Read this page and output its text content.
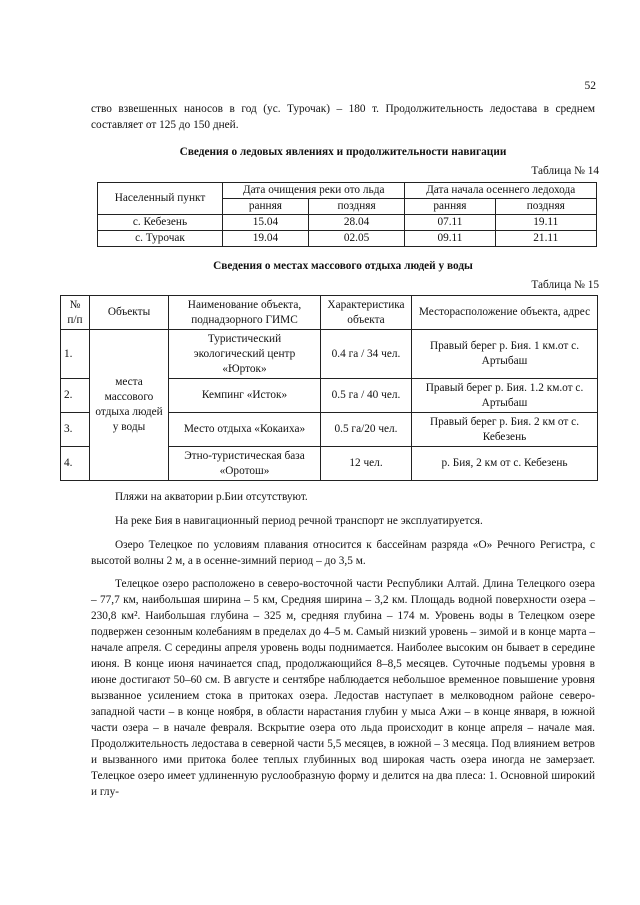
52

ство взвешенных наносов в год (ус. Турочак) – 180 т. Продолжительность ледостава в среднем составляет от 125 до 150 дней.

Сведения о ледовых явлениях и продолжительности навигации
Таблица № 14
Населенный пункт	Дата очищения реки ото льда		Дата начала осеннего ледохода	
	ранняя	поздняя	ранняя	поздняя
с. Кебезень	15.04	28.04	07.11	19.11
с. Турочак	19.04	02.05	09.11	21.11
Сведения о местах массового отдыха людей у воды
Таблица № 15
№ п/п	Объекты	Наименование объекта, поднадзорного ГИМС	Характеристика объекта	Месторасположение объекта, адрес
1.	места массового отдыха людей у воды	Туристический экологический центр «Юрток»	0.4 га / 34 чел.	Правый берег р. Бия. 1 км.от с. Артыбаш
2.		Кемпинг «Исток»	0.5 га / 40 чел.	Правый берег р. Бия. 1.2 км.от с. Артыбаш
3.		Место отдыха «Кокаиха»	0.5 га/20 чел.	Правый берег р. Бия. 2 км от с. Кебезень
4.		Этно-туристическая база «Оротош»	12 чел.	р. Бия, 2 км от с. Кебезень

Пляжи на акватории р.Бии отсутствуют.

На реке Бия в навигационный период речной транспорт не эксплуатируется.

Озеро Телецкое по условиям плавания относится к бассейнам разряда «О» Речного Регистра, с высотой волны 2 м, а в осенне-зимний период – до 3,5 м.

Телецкое озеро расположено в северо-восточной части Республики Алтай. Длина Телецкого озера – 77,7 км, наибольшая ширина – 5 км, Средняя ширина – 3,2 км. Площадь водной поверхности озера – 230,8 км². Наибольшая глубина – 325 м, средняя глубина – 174 м. Уровень воды в Телецком озере подвержен сезонным колебаниям в пределах до 4–5 м. Самый низкий уровень – зимой и в конце марта – начале апреля. С середины апреля уровень воды поднимается. Наиболее высоким он бывает в середине июня. В конце июня начинается спад, продолжающийся 8–8,5 месяцев. Суточные подъемы уровня в июне достигают 50–60 см. В августе и сентябре наблюдается небольшое временное повышение уровня вызванное усилением стока в притоках озера. Ледостав наступает в мелководном районе северо-западной части – в конце ноября, в области нарастания глубин у мыса Ажи – в конце января, в южной части озера – в начале февраля. Вскрытие озера ото льда происходит в конце апреля – начале мая. Продолжительность ледостава в северной части 5,5 месяцев, в южной – 3 месяца. Под влиянием ветров и вызванного ими притока более теплых глубинных вод широкая часть озера иногда не замерзает. Телецкое озеро имеет удлиненную руслообразную форму и делится на два плеса: 1. Основной широкий и глу-
